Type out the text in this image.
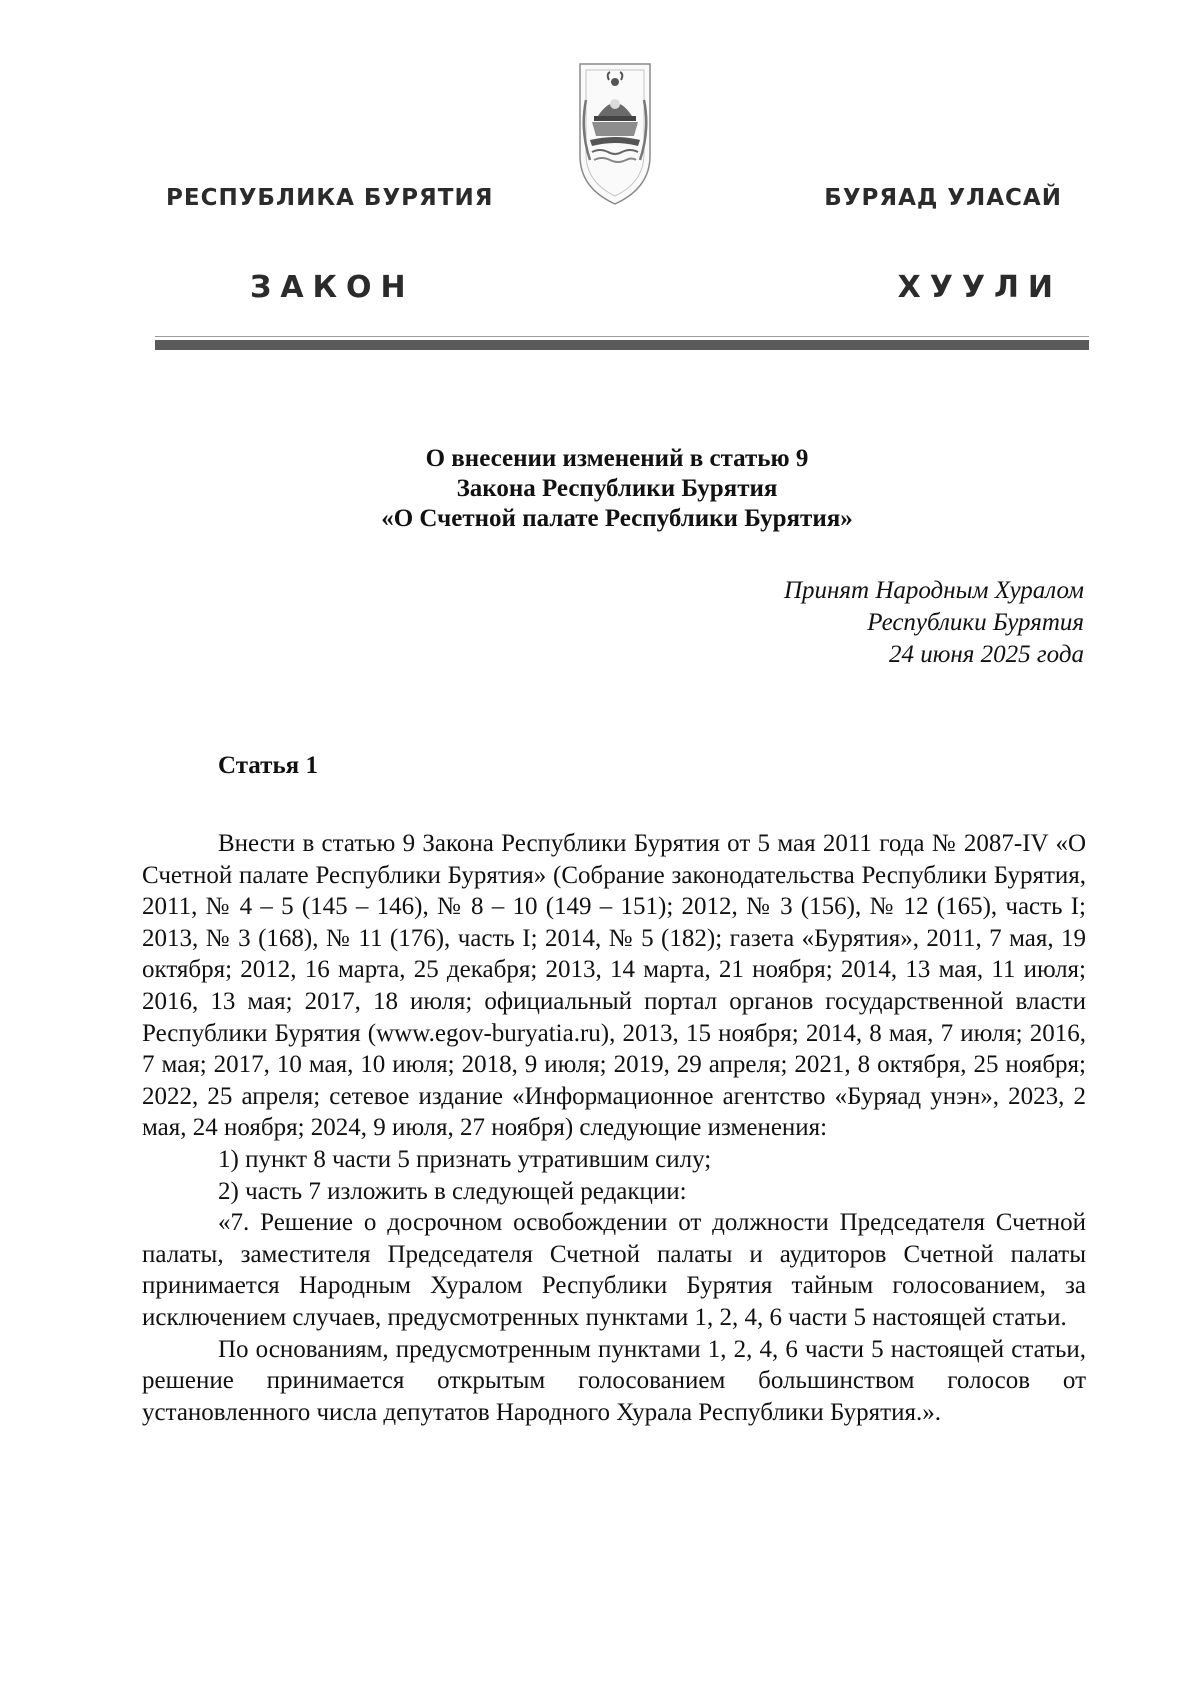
РЕСПУБЛИКА БУРЯТИЯ	БУРЯАД УЛАСАЙ
ЗАКОН	ХУУЛИ
О внесении изменений в статью 9
Закона Республики Бурятия
«О Счетной палате Республики Бурятия»
Принят Народным Хуралом
Республики Бурятия
24 июня 2025 года
Статья 1

Внести в статью 9 Закона Республики Бурятия от 5 мая 2011 года № 2087-IV «О Счетной палате Республики Бурятия» (Собрание законодательства Республики Бурятия, 2011, № 4 – 5 (145 – 146), № 8 – 10 (149 – 151); 2012, № 3 (156), № 12 (165), часть I; 2013, № 3 (168), № 11 (176), часть I; 2014, № 5 (182); газета «Бурятия», 2011, 7 мая, 19 октября; 2012, 16 марта, 25 декабря; 2013, 14 марта, 21 ноября; 2014, 13 мая, 11 июля; 2016, 13 мая; 2017, 18 июля; официальный портал органов государственной власти Республики Бурятия (www.egov-buryatia.ru), 2013, 15 ноября; 2014, 8 мая, 7 июля; 2016, 7 мая; 2017, 10 мая, 10 июля; 2018, 9 июля; 2019, 29 апреля; 2021, 8 октября, 25 ноября; 2022, 25 апреля; сетевое издание «Информационное агентство «Буряад унэн», 2023, 2 мая, 24 ноября; 2024, 9 июля, 27 ноября) следующие изменения:

1) пункт 8 части 5 признать утратившим силу;

2) часть 7 изложить в следующей редакции:

«7. Решение о досрочном освобождении от должности Председателя Счетной палаты, заместителя Председателя Счетной палаты и аудиторов Счетной палаты принимается Народным Хуралом Республики Бурятия тайным голосованием, за исключением случаев, предусмотренных пунктами 1, 2, 4, 6 части 5 настоящей статьи.

По основаниям, предусмотренным пунктами 1, 2, 4, 6 части 5 настоящей статьи, решение принимается открытым голосованием большинством голосов от установленного числа депутатов Народного Хурала Республики Бурятия.».
